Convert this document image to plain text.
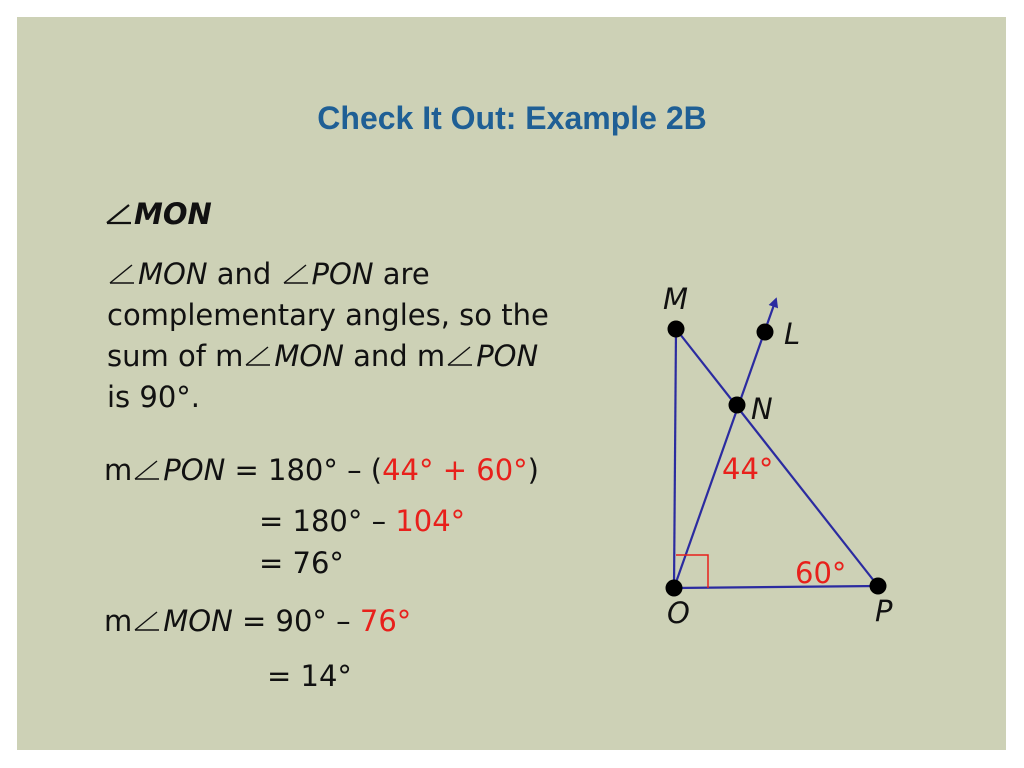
Check It Out: Example 2B
MON
MON and PON are
complementary angles, so the
sum of m MON and m PON
is 90°.
m PON = 180° – (44° + 60°)
= 180° – 104°
= 76°
m MON = 90° – 76°
= 14°
M
L
N
O	P
44°
60°
